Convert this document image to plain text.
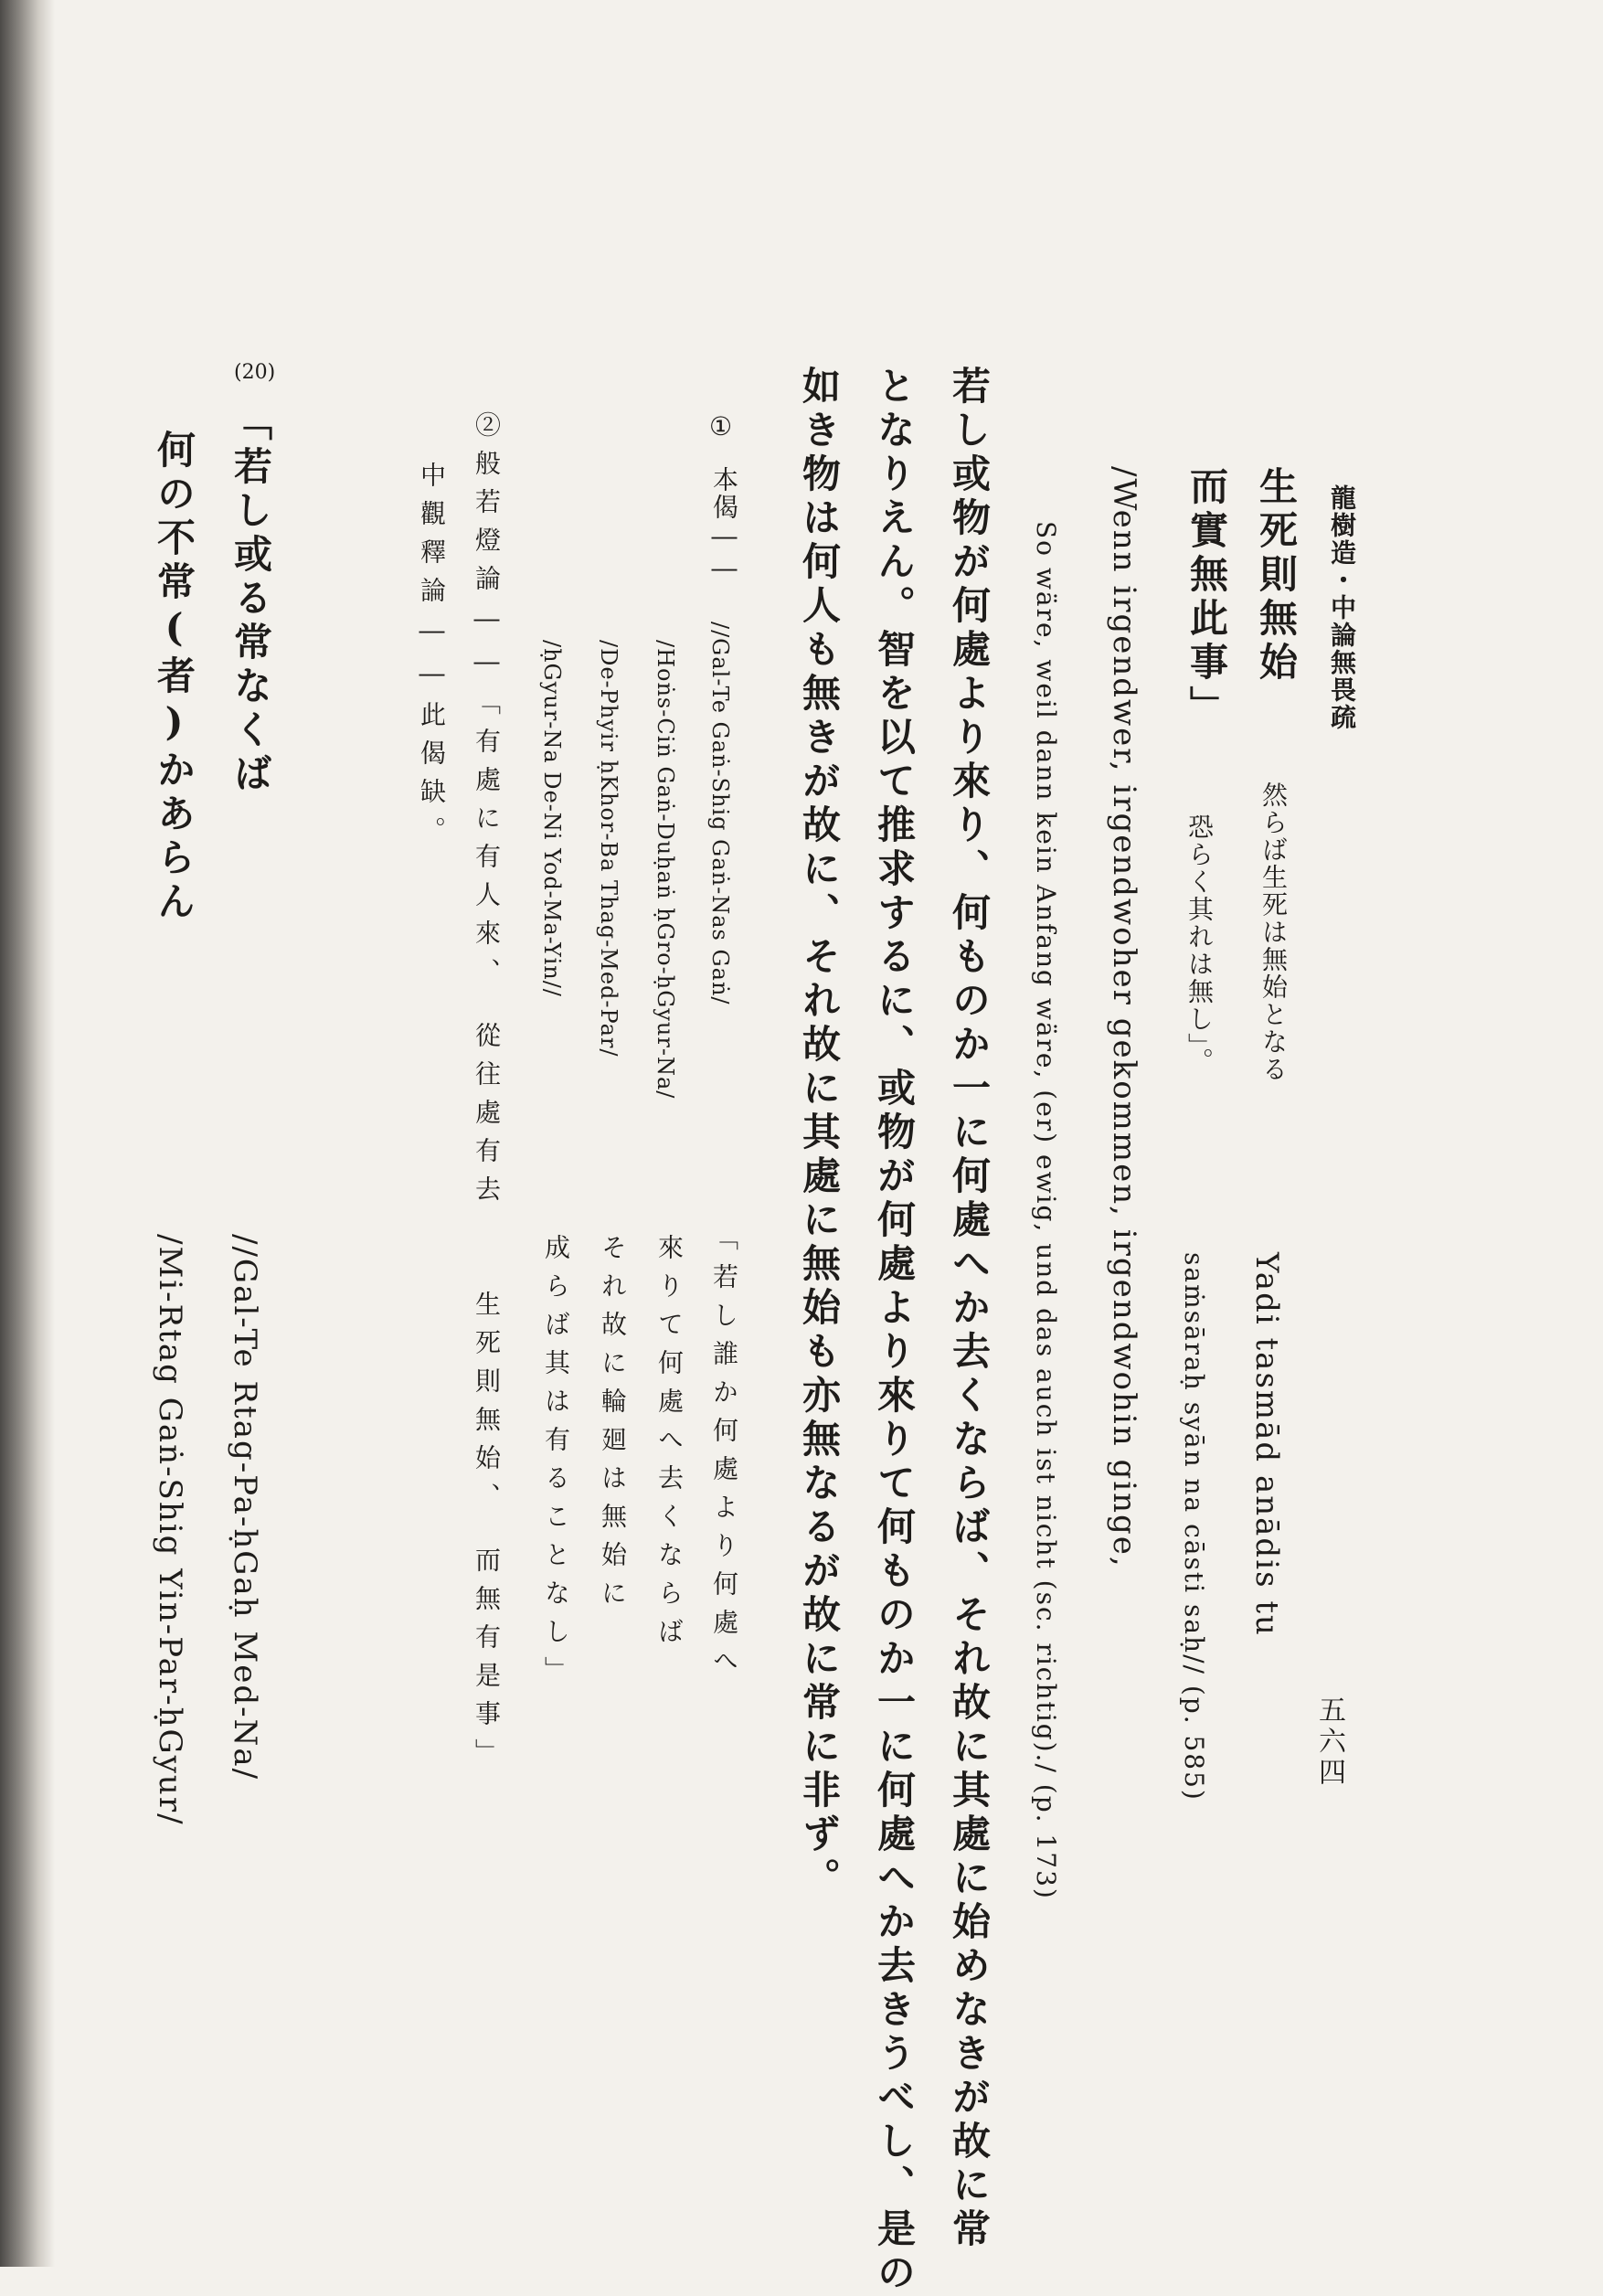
龍樹造・中論無畏疏

五六四

生死則無始

而實無此事」

然らば生死は無始となる

恐らく其れは無し」。

Yadi tasmād anādis tu

saṁsāraḥ syān na cāsti saḥ// (p. 585)

/Wenn irgendwer, irgendwoher gekommen, irgendwohin ginge,

So wäre, weil dann kein Anfang wäre, (er) ewig, und das auch ist nicht (sc. richtig)./ (p. 173)

若し或物が何處より來り、何ものか一に何處へか去くならば、それ故に其處に始めなきが故に常

となりえん。智を以て推求するに、或物が何處より來りて何ものか一に何處へか去きうべし、是の

如き物は何人も無きが故に、それ故に其處に無始も亦無なるが故に常に非ず。

①

本偈――

//Gal-Te Gaṅ-Shig Gaṅ-Nas Gaṅ/

/Hoṅs-Ciṅ Gaṅ-Duḥaṅ ḥGro-ḥGyur-Na/

/De-Phyir ḥKhor-Ba Thag-Med-Par/

/ḥGyur-Na De-Ni Yod-Ma-Yin//

「若し誰か何處より何處へ

來りて何處へ去くならば

それ故に輪廻は無始に

成らば其は有ることなし」

②般若燈論――「有處に有人來、　從往處有去　　生死則無始、　而無有是事」

中觀釋論――此偈缺。

(20)

「若し或る常なくば

何の不常(者)かあらん

//Gal-Te Rtag-Pa-ḥGaḥ Med-Na/

/Mi-Rtag Gaṅ-Shig Yin-Par-ḥGyur/
